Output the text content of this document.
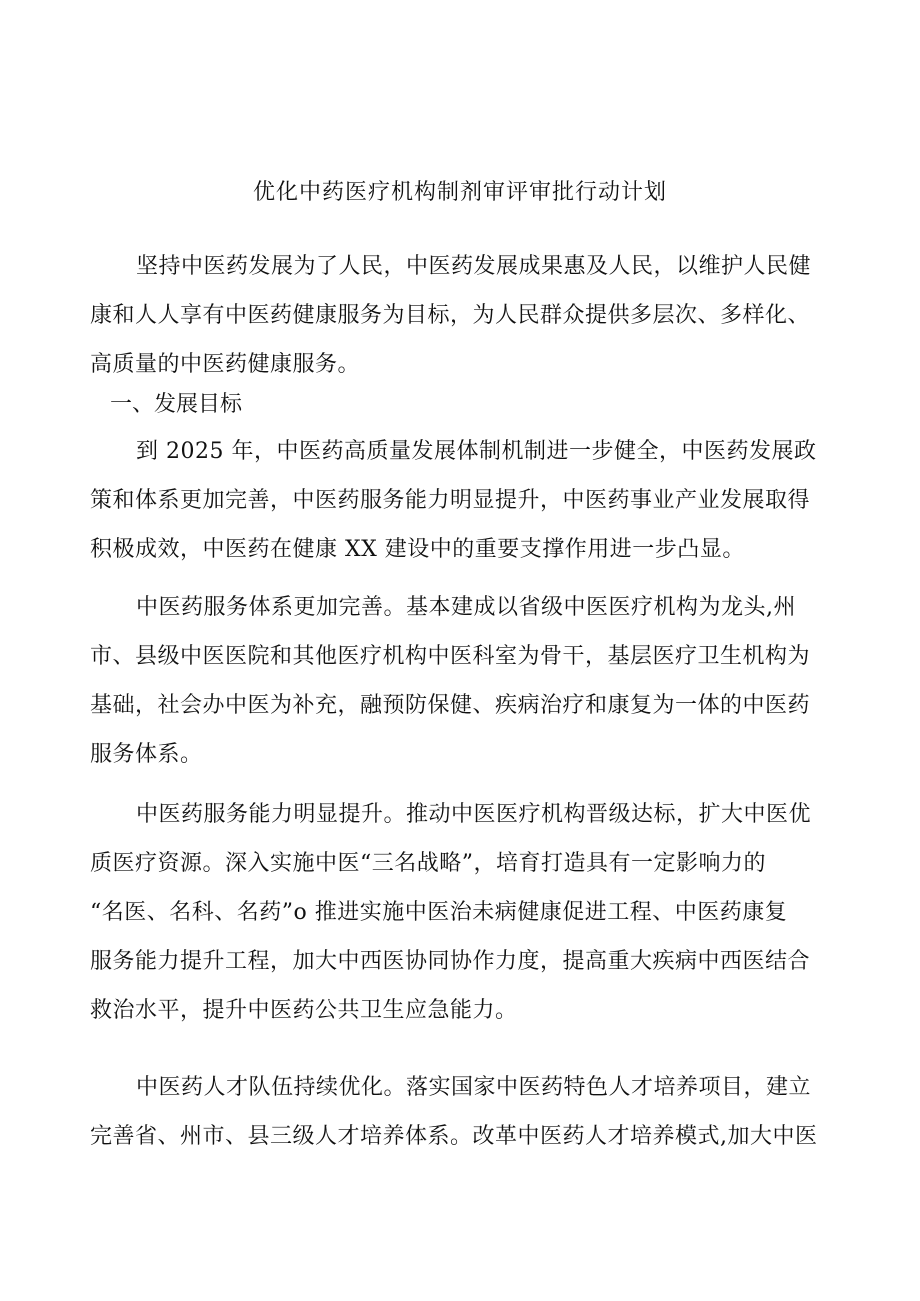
优化中药医疗机构制剂审评审批行动计划
坚持中医药发展为了人民，中医药发展成果惠及人民，以维护人民健
康和人人享有中医药健康服务为目标，为人民群众提供多层次、多样化、
高质量的中医药健康服务。
一、发展目标
到 2025 年，中医药高质量发展体制机制进一步健全，中医药发展政
策和体系更加完善，中医药服务能力明显提升，中医药事业产业发展取得
积极成效，中医药在健康 XX 建设中的重要支撑作用进一步凸显。
中医药服务体系更加完善。基本建成以省级中医医疗机构为龙头,州
市、县级中医医院和其他医疗机构中医科室为骨干，基层医疗卫生机构为
基础，社会办中医为补充，融预防保健、疾病治疗和康复为一体的中医药
服务体系。
中医药服务能力明显提升。推动中医医疗机构晋级达标，扩大中医优
质医疗资源。深入实施中医“三名战略”，培育打造具有一定影响力的
“名医、名科、名药”o 推进实施中医治未病健康促进工程、中医药康复
服务能力提升工程，加大中西医协同协作力度，提高重大疾病中西医结合
救治水平，提升中医药公共卫生应急能力。
中医药人才队伍持续优化。落实国家中医药特色人才培养项目，建立
完善省、州市、县三级人才培养体系。改革中医药人才培养模式,加大中医
